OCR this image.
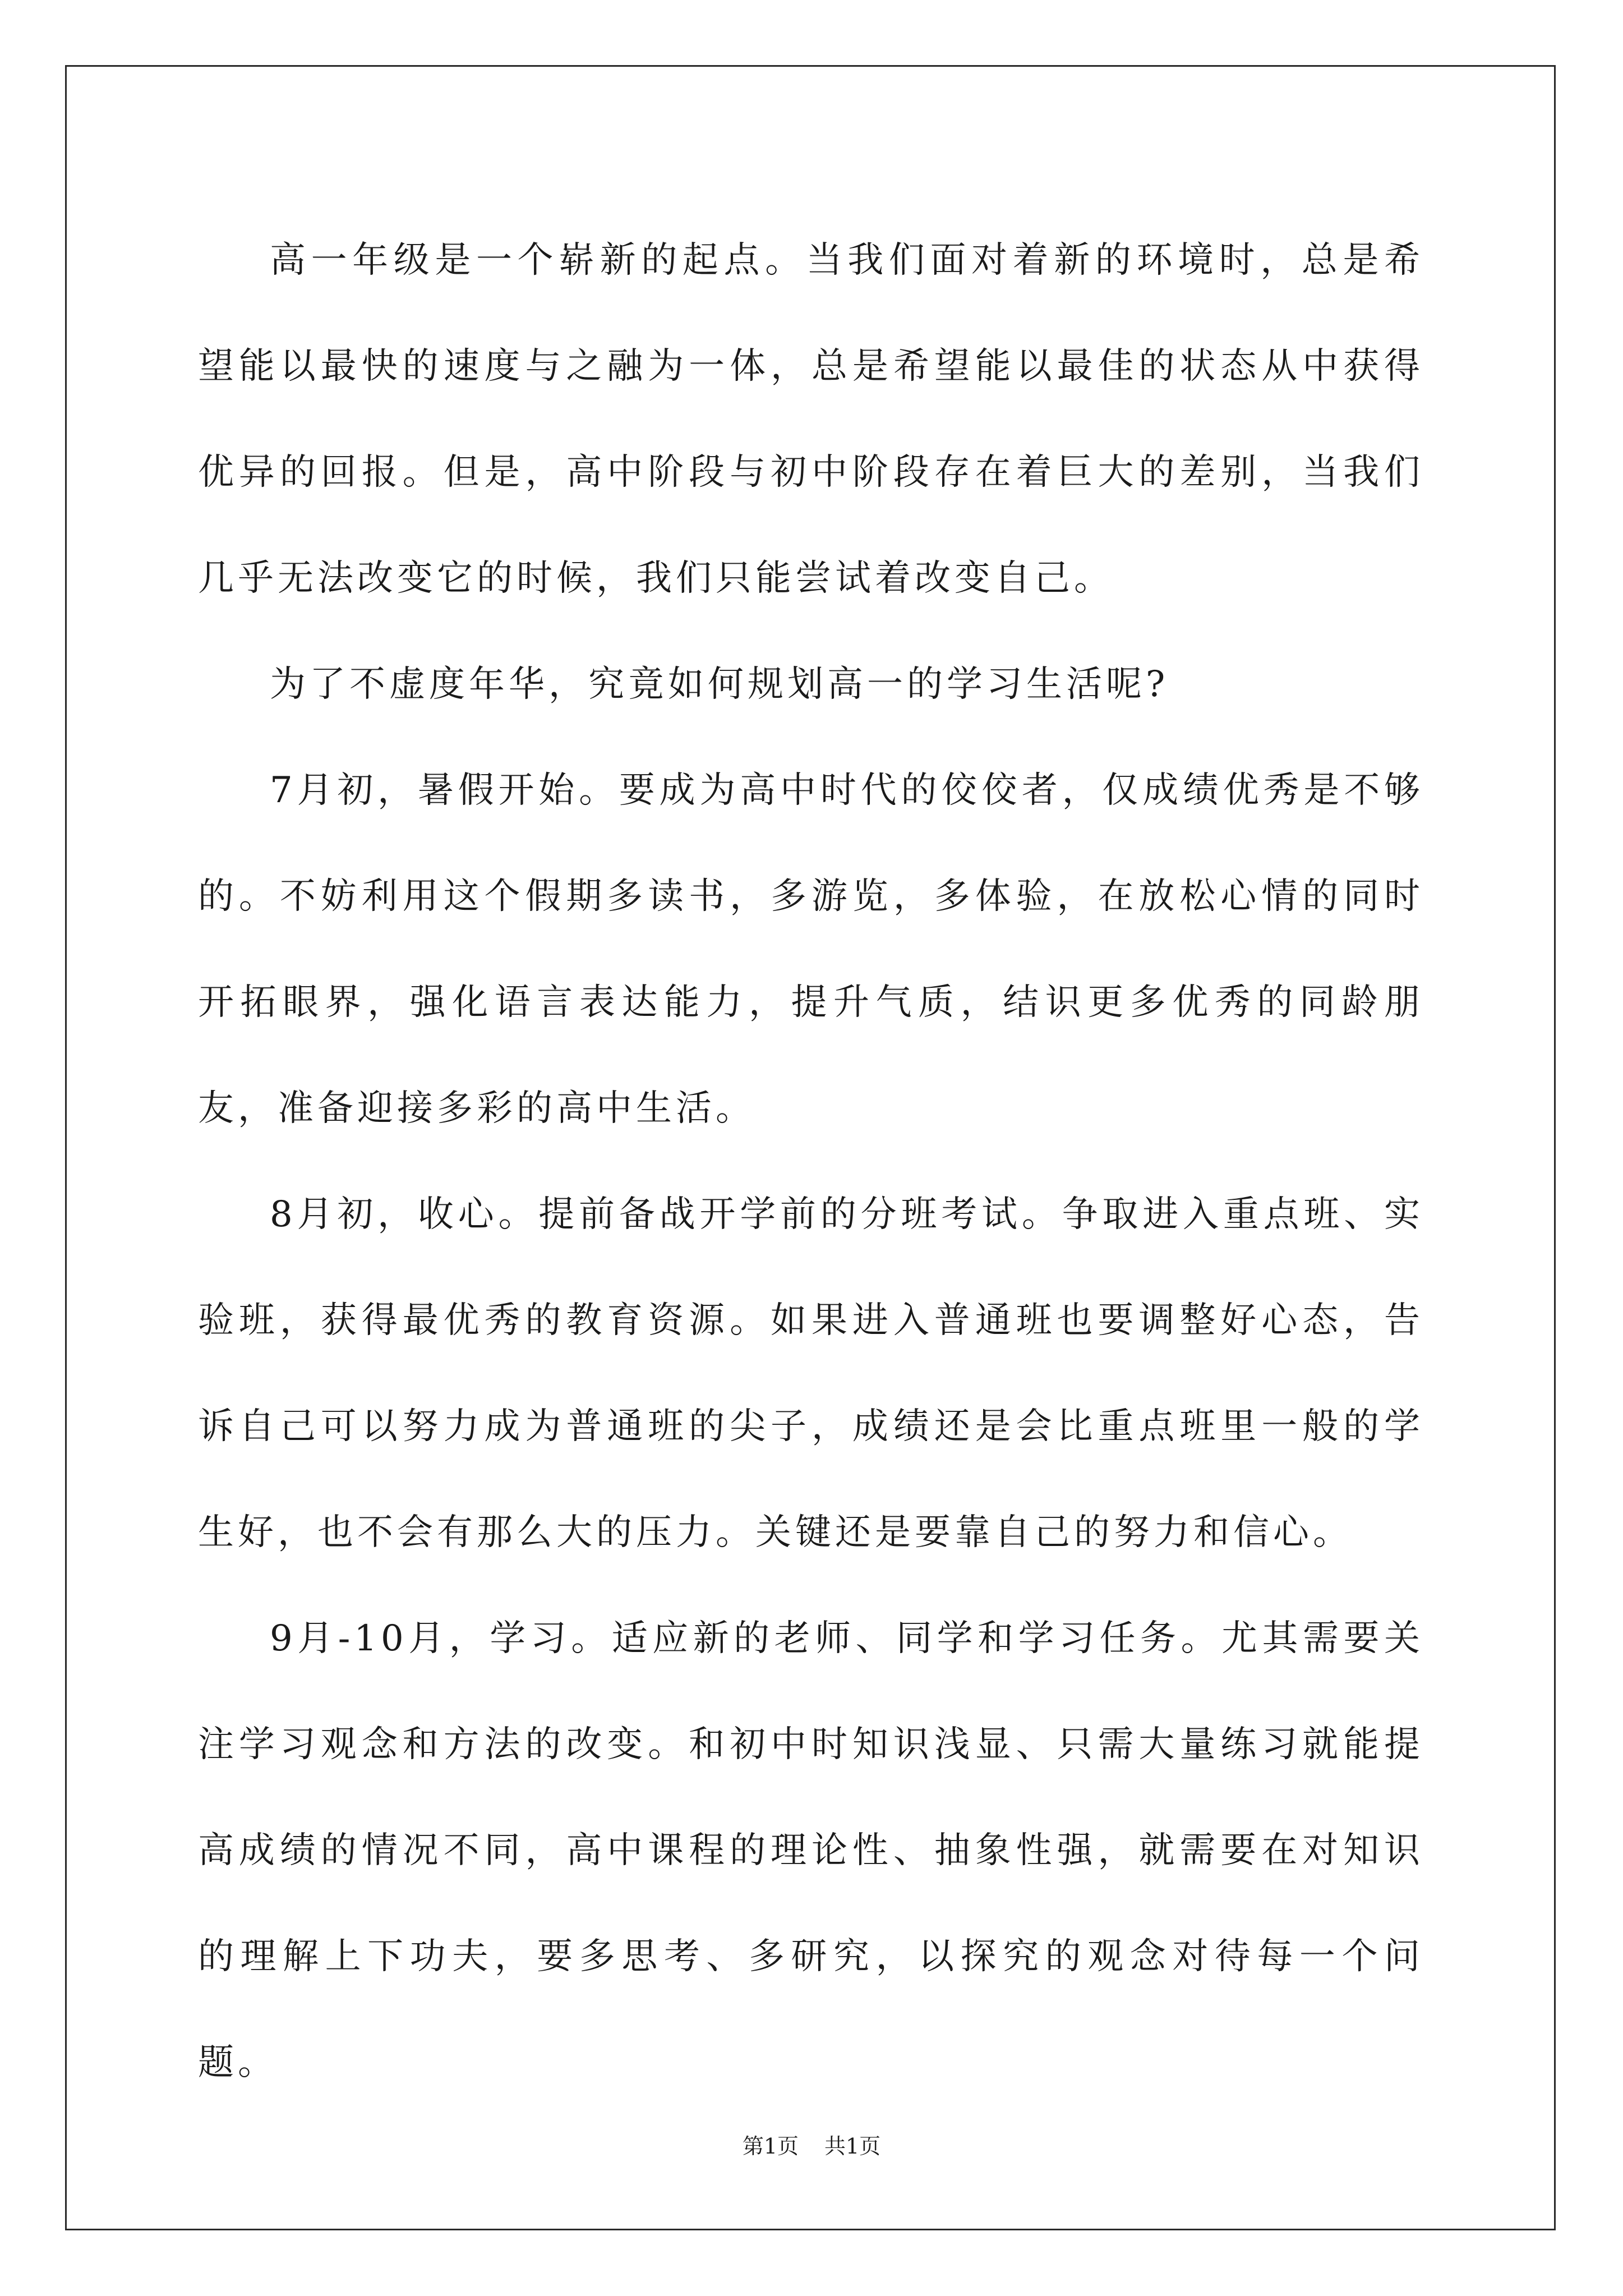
高一年级是一个崭新的起点。当我们面对着新的环境时，总是希望能以最快的速度与之融为一体，总是希望能以最佳的状态从中获得优异的回报。但是，高中阶段与初中阶段存在着巨大的差别，当我们几乎无法改变它的时候，我们只能尝试着改变自己。

为了不虚度年华，究竟如何规划高一的学习生活呢?

7月初，暑假开始。要成为高中时代的佼佼者，仅成绩优秀是不够的。不妨利用这个假期多读书，多游览，多体验，在放松心情的同时开拓眼界，强化语言表达能力，提升气质，结识更多优秀的同龄朋友，准备迎接多彩的高中生活。

8月初，收心。提前备战开学前的分班考试。争取进入重点班、实验班，获得最优秀的教育资源。如果进入普通班也要调整好心态，告诉自己可以努力成为普通班的尖子，成绩还是会比重点班里一般的学生好，也不会有那么大的压力。关键还是要靠自己的努力和信心。

9月-10月，学习。适应新的老师、同学和学习任务。尤其需要关注学习观念和方法的改变。和初中时知识浅显、只需大量练习就能提高成绩的情况不同，高中课程的理论性、抽象性强，就需要在对知识的理解上下功夫，要多思考、多研究，以探究的观念对待每一个问题。

第1页 共1页
